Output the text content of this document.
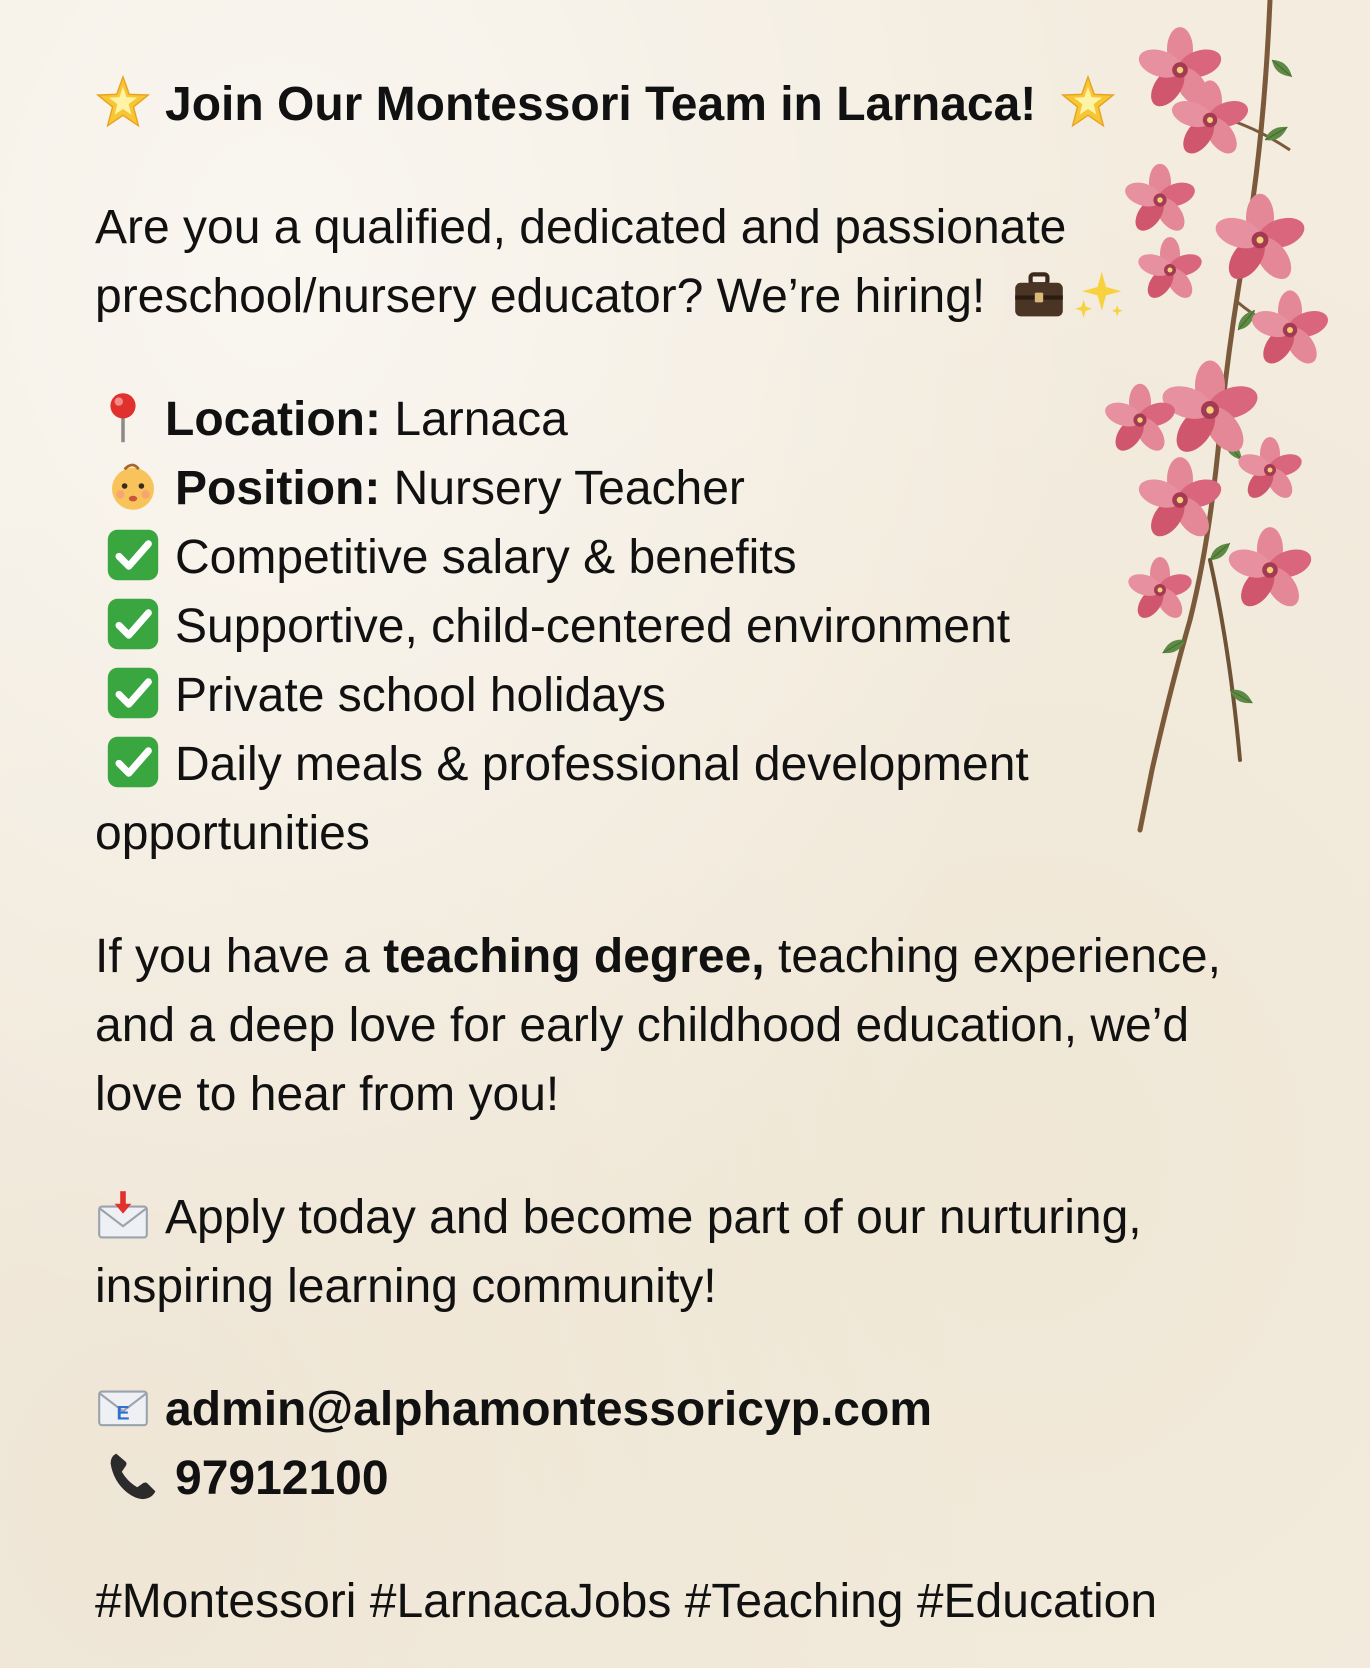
Join Our Montessori Team in Larnaca!
Are you a qualified, dedicated and passionate
preschool/nursery educator? We’re hiring!
Location: Larnaca
Position: Nursery Teacher
Competitive salary & benefits
Supportive, child-centered environment
Private school holidays
Daily meals & professional development
opportunities
If you have a teaching degree, teaching experience,
and a deep love for early childhood education, we’d
love to hear from you!
Apply today and become part of our nurturing,
inspiring learning community!
E admin@alphamontessoricyp.com
97912100
#Montessori #LarnacaJobs #Teaching #Education
